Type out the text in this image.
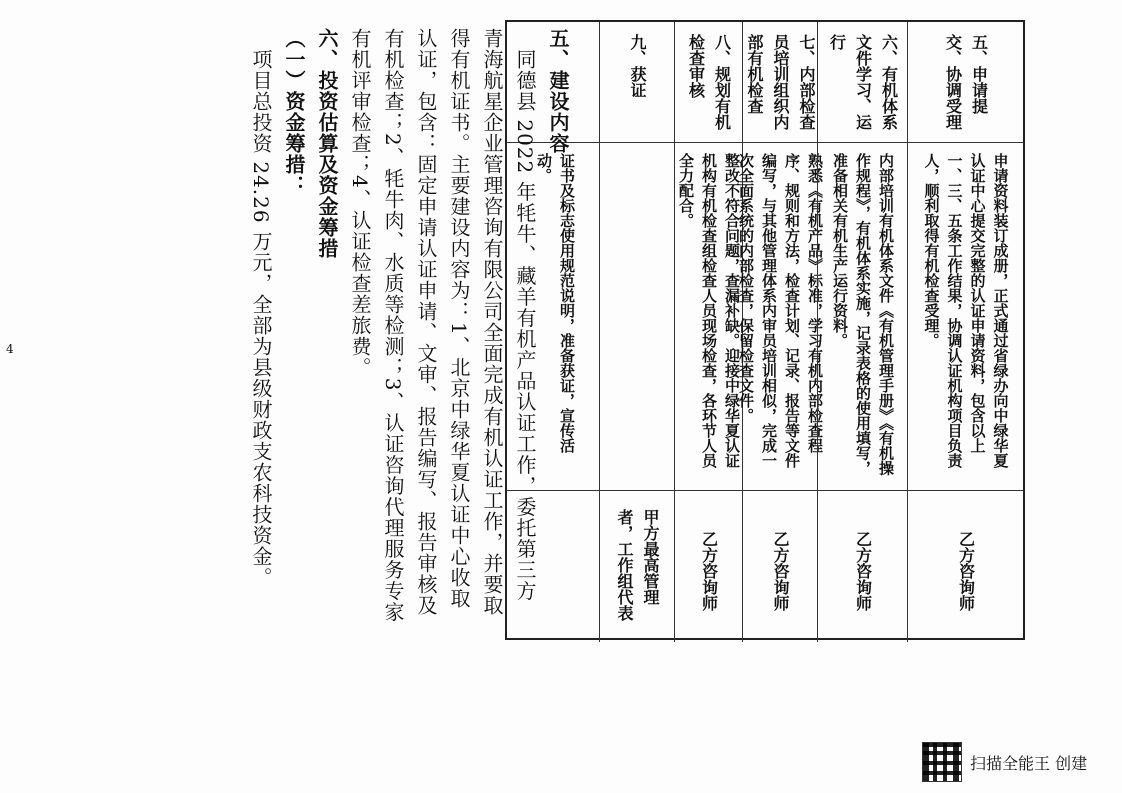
五、申请提交、协调受理
六、有机体系文件学习、运行
七、内部检查员培训组织内部有机检查
八、规划有机检查审核
九、获证
申请资料装订成册，正式通过省绿办向中绿华夏认证中心提交完整的认证申请资料，包含以上一、三、五条工作结果，协调认证机构项目负责人，顺利取得有机检查受理。
内部培训有机体系文件《有机管理手册》《有机操作规程》，有机体系实施，记录表格的使用填写，准备相关有机生产运行资料。
熟悉《有机产品》标准，学习有机内部检查程序、规则和方法，检查计划、记录、报告等文件编写，与其他管理体系内审员培训相似，完成一次全面系统的内部检查，保留检查文件。
整改不符合问题，查漏补缺。迎接中绿华夏认证机构有机检查组检查人员现场检查，各环节人员全力配合。
证书及标志使用规范说明，准备获证，宣传活动。
乙方咨询师
乙方咨询师
乙方咨询师
乙方咨询师
甲方最高管理者，工作组代表
　项目总投资 24.26 万元，全部为县级财政支农科技资金。 （一）资金筹措： 六、投资估算及资金筹措 有机评审检查；4、认证检查差旅费。 有机检查；2、牦牛肉、水质等检测；3、认证咨询代理服务专家 认证，包含：固定申请认证申请、文审、报告编写、报告审核及 得有机证书。主要建设内容为：1、北京中绿华夏认证中心收取 青海航星企业管理咨询有限公司全面完成有机认证工作，并要取 　同德县 2022 年牦牛、藏羊有机产品认证工作，委托第三方 五、建设内容
4
扫描全能王 创建
